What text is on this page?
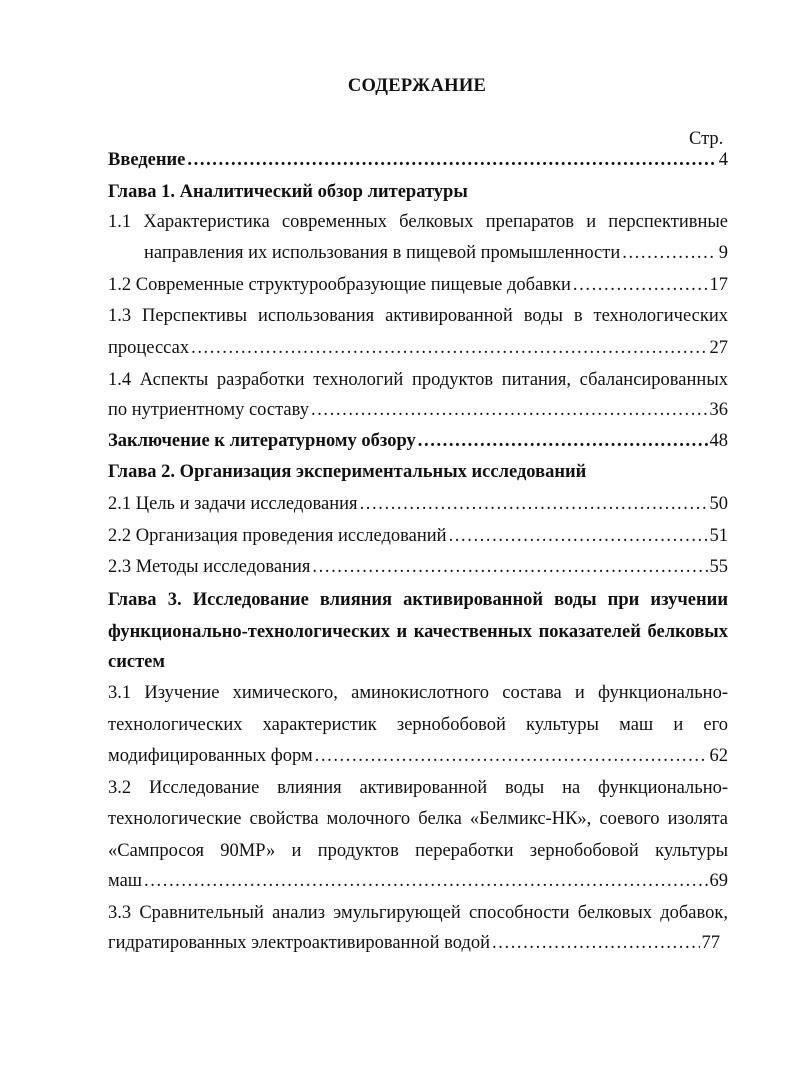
СОДЕРЖАНИЕ
Стр.
Введение .....	4
Глава 1. Аналитический обзор литературы
1.1 Характеристика современных белковых препаратов и перспективные
направления их использования в пищевой промышленности .....	9
1.2 Современные структурообразующие пищевые добавки .....	17
1.3 Перспективы использования активированной воды в технологических
процессах .....	27
1.4 Аспекты разработки технологий продуктов питания, сбалансированных
по нутриентному составу .....	36
Заключение к литературному обзору .....	48
Глава 2. Организация экспериментальных исследований
2.1 Цель и задачи исследования .....	50
2.2 Организация проведения исследований .....	51
2.3 Методы исследования .....	55
Глава 3. Исследование влияния активированной воды при изучении
функционально-технологических и качественных показателей белковых
систем
3.1 Изучение химического, аминокислотного состава и функционально-
технологических характеристик зернобобовой культуры маш и его
модифицированных форм .....	62
3.2 Исследование влияния активированной воды на функционально-
технологические свойства молочного белка «Белмикс-НК», соевого изолята
«Сампросоя 90МР» и продуктов переработки зернобобовой культуры
маш .....	69
3.3 Сравнительный анализ эмульгирующей способности белковых добавок,
гидратированных электроактивированной водой .....	77
